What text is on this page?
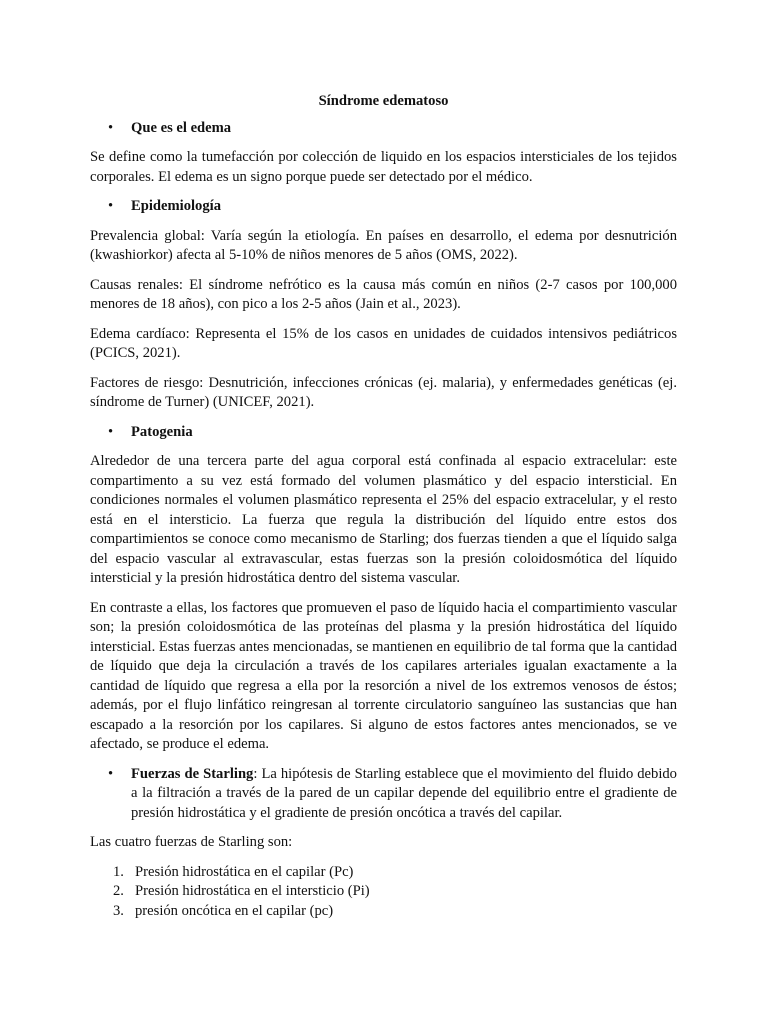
Síndrome edematoso
• Que es el edema

Se define como la tumefacción por colección de liquido en los espacios intersticiales de los tejidos corporales. El edema es un signo porque puede ser detectado por el médico.

• Epidemiología

Prevalencia global: Varía según la etiología. En países en desarrollo, el edema por desnutrición (kwashiorkor) afecta al 5-10% de niños menores de 5 años (OMS, 2022).

Causas renales: El síndrome nefrótico es la causa más común en niños (2-7 casos por 100,000 menores de 18 años), con pico a los 2-5 años (Jain et al., 2023).

Edema cardíaco: Representa el 15% de los casos en unidades de cuidados intensivos pediátricos (PCICS, 2021).

Factores de riesgo: Desnutrición, infecciones crónicas (ej. malaria), y enfermedades genéticas (ej. síndrome de Turner) (UNICEF, 2021).

• Patogenia

Alrededor de una tercera parte del agua corporal está confinada al espacio extracelular: este compartimento a su vez está formado del volumen plasmático y del espacio intersticial. En condiciones normales el volumen plasmático representa el 25% del espacio extracelular, y el resto está en el intersticio. La fuerza que regula la distribución del líquido entre estos dos compartimientos se conoce como mecanismo de Starling; dos fuerzas tienden a que el líquido salga del espacio vascular al extravascular, estas fuerzas son la presión coloidosmótica del líquido intersticial y la presión hidrostática dentro del sistema vascular.

En contraste a ellas, los factores que promueven el paso de líquido hacia el compartimiento vascular son; la presión coloidosmótica de las proteínas del plasma y la presión hidrostática del líquido intersticial. Estas fuerzas antes mencionadas, se mantienen en equilibrio de tal forma que la cantidad de líquido que deja la circulación a través de los capilares arteriales igualan exactamente a la cantidad de líquido que regresa a ella por la resorción a nivel de los extremos venosos de éstos; además, por el flujo linfático reingresan al torrente circulatorio sanguíneo las sustancias que han escapado a la resorción por los capilares. Si alguno de estos factores antes mencionados, se ve afectado, se produce el edema.

• Fuerzas de Starling: La hipótesis de Starling establece que el movimiento del fluido debido a la filtración a través de la pared de un capilar depende del equilibrio entre el gradiente de presión hidrostática y el gradiente de presión oncótica a través del capilar.

Las cuatro fuerzas de Starling son:

1. Presión hidrostática en el capilar (Pc)
2. Presión hidrostática en el intersticio (Pi)
3. presión oncótica en el capilar (pc)
